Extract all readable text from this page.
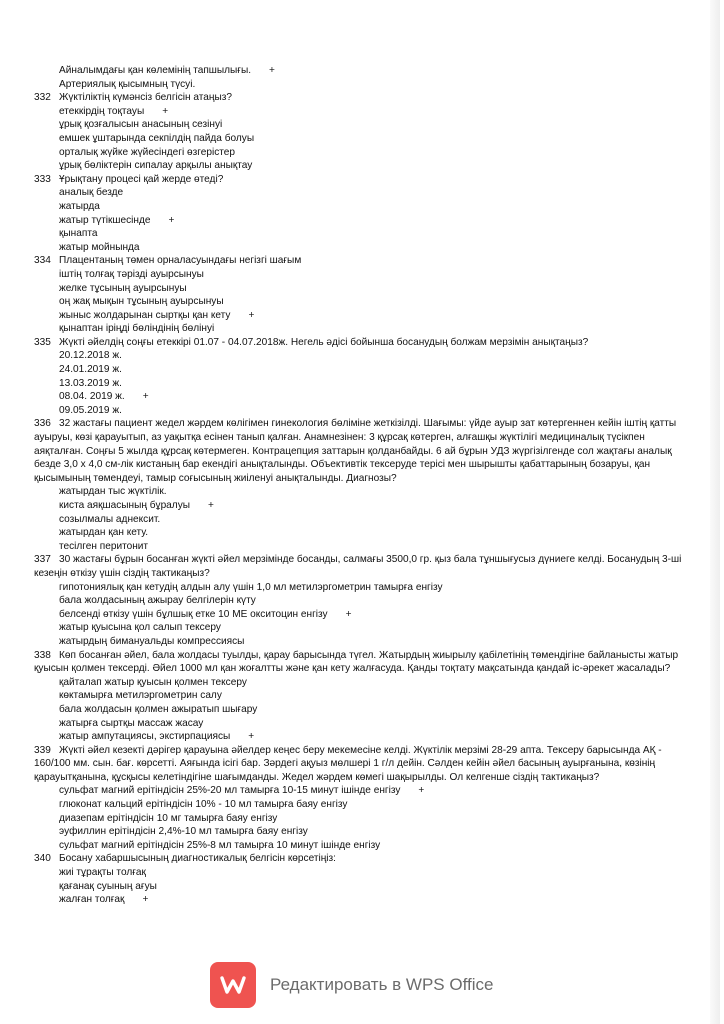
Айналымдағы қан көлемінің тапшылығы. +
Артериялық қысымның түсуі.
332 Жүктіліктің күмәнсіз белгісін атаңыз?
етеккірдің тоқтауы +
ұрық қозғалысын анасының сезінуі
емшек ұштарында секпілдің пайда болуы
орталық жүйке жүйесіндегі өзгерістер
ұрық бөліктерін сипалау арқылы анықтау
333 Ұрықтану процесі қай жерде өтеді?
аналық безде
жатырда
жатыр түтікшесінде +
қынапта
жатыр мойнында
334 Плацентаның төмен орналасуындағы негізгі шағым
іштің толғақ тәрізді ауырсынуы
желке тұсының ауырсынуы
оң жақ мықын тұсының ауырсынуы
жыныс жолдарынан сыртқы қан кету +
қынаптан іріңді бөліндінің бөлінуі
335 Жүкті әйелдің соңғы етеккірі 01.07 - 04.07.2018ж. Негель әдісі бойынша босанудың болжам мерзімін анықтаңыз?
20.12.2018 ж.
24.01.2019 ж.
13.03.2019 ж.
08.04. 2019 ж. +
09.05.2019 ж.
336 32 жастағы пациент жедел жәрдем көлігімен гинекология бөліміне жеткізілді. Шағымы: үйде ауыр зат көтергеннен кейін іштің қатты ауыруы, көзі қарауытып, аз уақытқа есінен танып қалған. Анамнезінен: 3 құрсақ көтерген, алғашқы жүктілігі медициналық түсікпен аяқталған. Соңғы 5 жылда құрсақ көтермеген. Контрацепция заттарын қолданбайды. 6 ай бұрын УДЗ жүргізілгенде сол жақтағы аналық безде 3,0 х 4,0 см-лік кистаның бар екендігі анықталынды. Объективтік тексеруде терісі мен шырышты қабаттарының бозаруы, қан қысымының төмендеуі, тамыр соғысының жиіленуі анықталынды. Диагнозы?
жатырдан тыс жүктілік.
киста аяқшасының бұралуы +
созылмалы аднексит.
жатырдан қан кету.
тесілген перитонит
337 30 жастағы бұрын босанған жүкті әйел мерзімінде босанды, салмағы 3500,0 гр. қыз бала тұншығусыз дүниеге келді. Босанудың 3-ші кезеңін өткізу үшін сіздің тактикаңыз?
гипотониялық қан кетудің алдын алу үшін 1,0 мл метилэргометрин тамырға енгізу
бала жолдасының ажырау белгілерін күту
белсенді өткізу үшін бұлшық етке 10 МЕ окситоцин енгізу +
жатыр қуысына қол салып тексеру
жатырдың бимануальды компрессиясы
338 Көп босанған әйел, бала жолдасы туылды, қарау барысында түгел. Жатырдың жиырылу қабілетінің төмендігіне байланысты жатыр қуысын қолмен тексерді. Әйел 1000 мл қан жоғалтты және қан кету жалғасуда. Қанды тоқтату мақсатында қандай іс-әрекет жасалады?
қайталап жатыр қуысын қолмен тексеру
көктамырға метилэргометрин салу
бала жолдасын қолмен ажыратып шығару
жатырға сыртқы массаж жасау
жатыр ампутациясы, экстирпациясы +
339 Жүкті әйел кезекті дәрігер қарауына әйелдер кеңес беру мекемесіне келді. Жүктілік мерзімі 28-29 апта. Тексеру барысында АҚ - 160/100 мм. сын. бағ. көрсетті. Аяғында ісігі бар. Зәрдегі ақуыз мөлшері 1 г/л дейін. Сәлден кейін әйел басының ауырғанына, көзінің қарауытқанына, құсқысы келетіндігіне шағымданды. Жедел жәрдем көмегі шақырылды. Ол келгенше сіздің тактикаңыз?
сульфат магний ерітіндісін 25%-20 мл тамырға 10-15 минут ішінде енгізу +
глюконат кальций ерітіндісін 10% - 10 мл тамырға баяу енгізу
диазепам ерітіндісін 10 мг тамырға баяу енгізу
эуфиллин ерітіндісін 2,4%-10 мл тамырға баяу енгізу
сульфат магний ерітіндісін 25%-8 мл тамырға 10 минут ішінде енгізу
340 Босану хабаршысының диагностикалық белгісін көрсетіңіз:
жиі тұрақты толғақ
қағанақ суының ағуы
жалған толғақ +
Редактировать в WPS Office
